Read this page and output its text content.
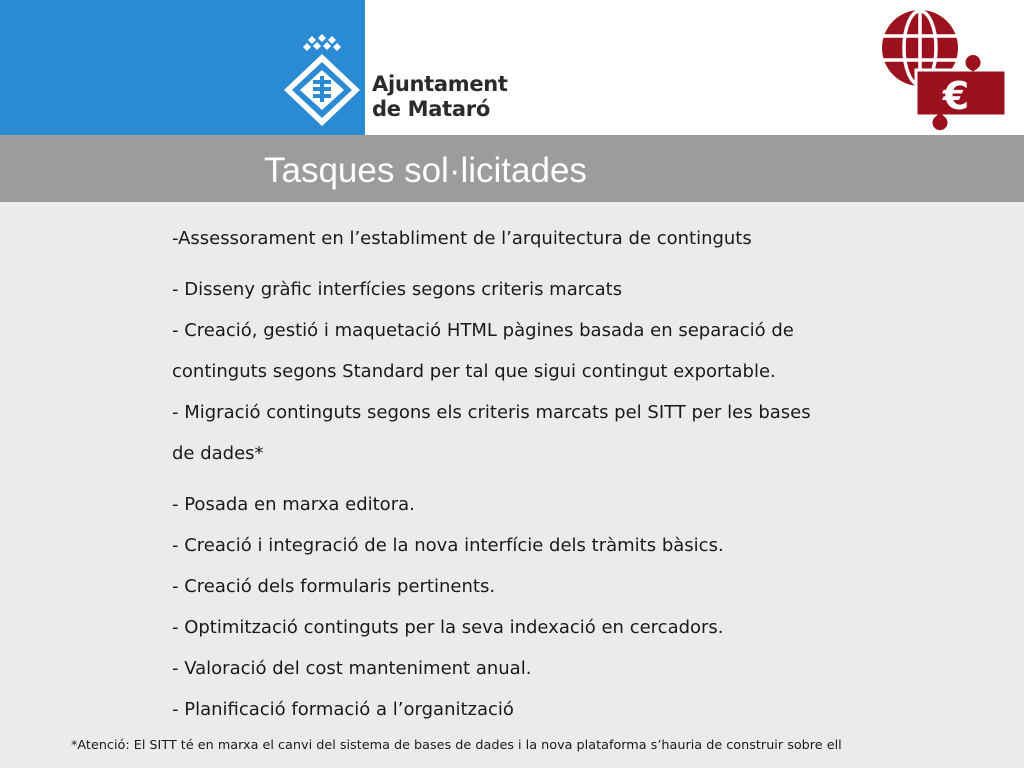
Ajuntament
de Mataró	€
Tasques sol·licitades
-Assessorament en l’establiment de l’arquitectura de continguts
- Disseny gràfic interfícies segons criteris marcats
- Creació, gestió i maquetació HTML pàgines basada en separació de
continguts segons Standard per tal que sigui contingut exportable.
- Migració continguts segons els criteris marcats pel SITT per les bases
de dades*
- Posada en marxa editora.
- Creació i integració de la nova interfície dels tràmits bàsics.
- Creació dels formularis pertinents.
- Optimització continguts per la seva indexació en cercadors.
- Valoració del cost manteniment anual.
- Planificació formació a l’organització
*Atenció: El SITT té en marxa el canvi del sistema de bases de dades i la nova plataforma s’hauria de construir sobre ell
